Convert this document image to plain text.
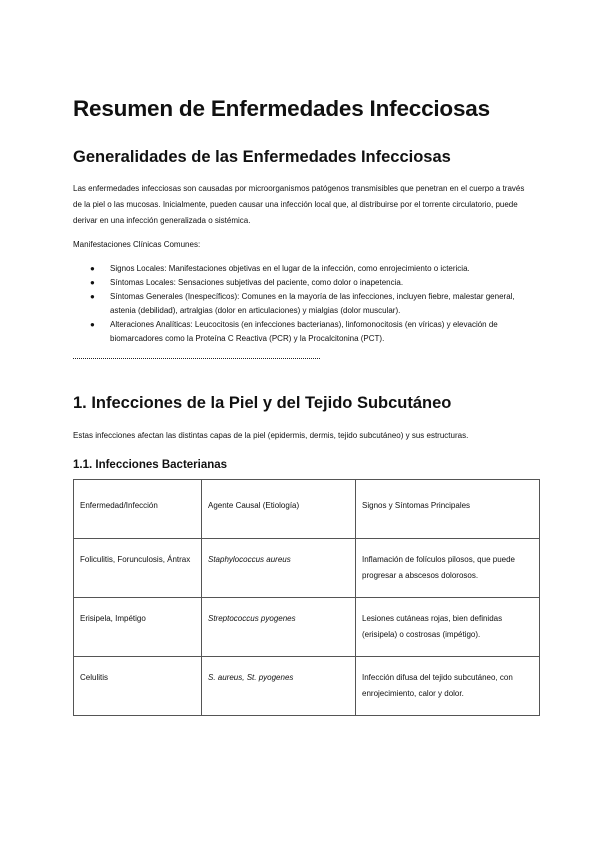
Resumen de Enfermedades Infecciosas
Generalidades de las Enfermedades Infecciosas

Las enfermedades infecciosas son causadas por microorganismos patógenos transmisibles que penetran en el cuerpo a través de la piel o las mucosas. Inicialmente, pueden causar una infección local que, al distribuirse por el torrente circulatorio, puede derivar en una infección generalizada o sistémica.

Manifestaciones Clínicas Comunes:

● Signos Locales: Manifestaciones objetivas en el lugar de la infección, como enrojecimiento o ictericia.
● Síntomas Locales: Sensaciones subjetivas del paciente, como dolor o inapetencia.
● Síntomas Generales (Inespecíficos): Comunes en la mayoría de las infecciones, incluyen fiebre, malestar general, astenia (debilidad), artralgias (dolor en articulaciones) y mialgias (dolor muscular).
● Alteraciones Analíticas: Leucocitosis (en infecciones bacterianas), linfomonocitosis (en víricas) y elevación de biomarcadores como la Proteína C Reactiva (PCR) y la Procalcitonina (PCT).
1. Infecciones de la Piel y del Tejido Subcutáneo

Estas infecciones afectan las distintas capas de la piel (epidermis, dermis, tejido subcutáneo) y sus estructuras.

1.1. Infecciones Bacterianas
Enfermedad/Infección	Agente Causal (Etiología)	Signos y Síntomas Principales
Foliculitis, Forunculosis, Ántrax	Staphylococcus aureus	Inflamación de folículos pilosos, que puede progresar a abscesos dolorosos.
Erisipela, Impétigo	Streptococcus pyogenes	Lesiones cutáneas rojas, bien definidas (erisipela) o costrosas (impétigo).
Celulitis	S. aureus, St. pyogenes	Infección difusa del tejido subcutáneo, con enrojecimiento, calor y dolor.
